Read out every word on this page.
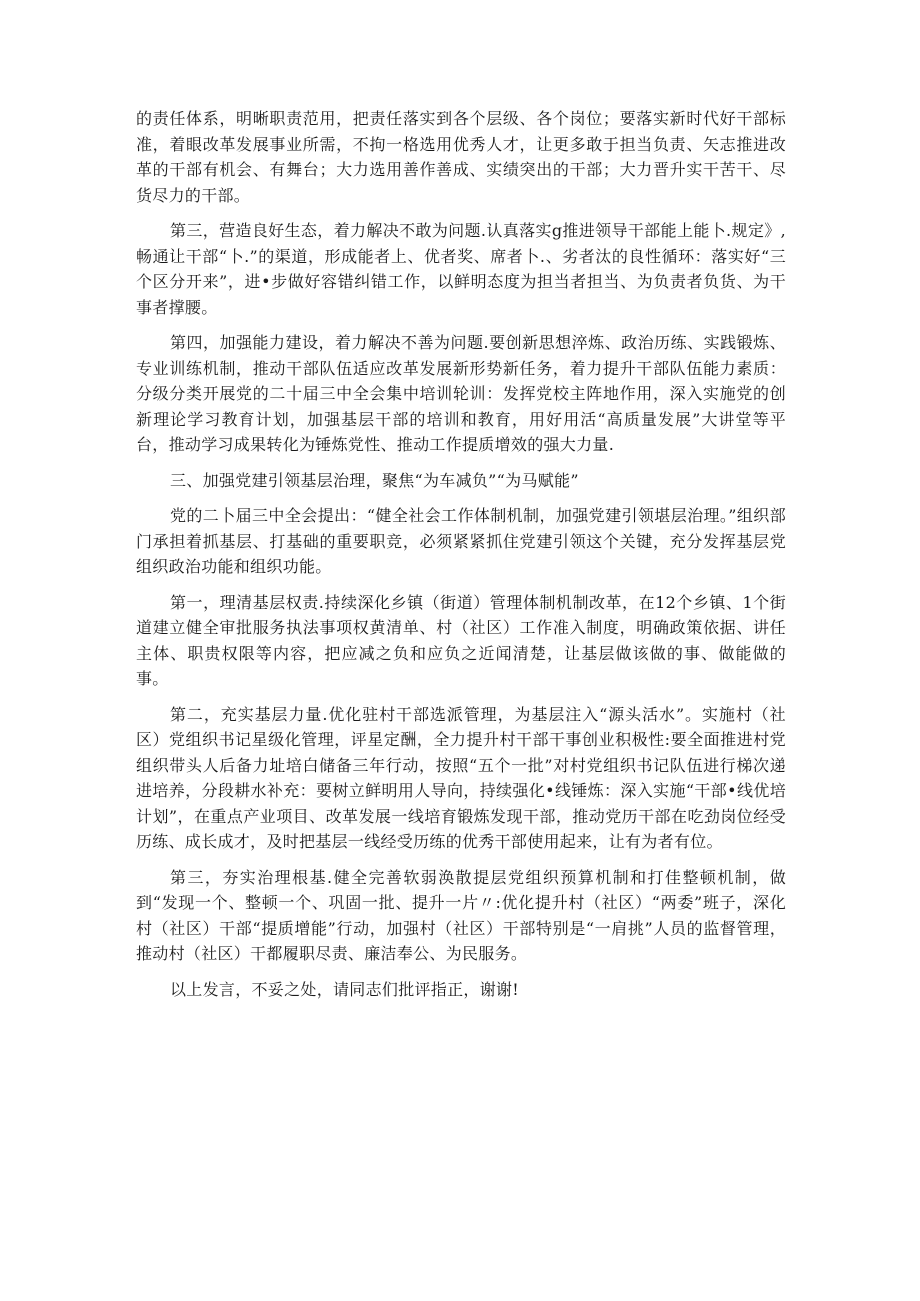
的责任体系，明晰职责范用，把责任落实到各个层级、各个岗位；要落实新时代好干部标准，着眼改革发展事业所需，不拘一格选用优秀人才，让更多敢于担当负责、矢志推进改革的干部有机会、有舞台；大力选用善作善成、实绩突出的干部；大力晋升实干苦干、尽货尽力的干部。

第三，营造良好生态，着力解决不敢为问题.认真落实g推进领导干部能上能卜.规定》,畅通让干部“卜.”的渠道，形成能者上、优者奖、席者卜.、劣者汰的良性循环：落实好“三个区分开来”，进•步做好容错纠错工作，以鲜明态度为担当者担当、为负责者负货、为干事者撑腰。

第四，加强能力建设，着力解决不善为问题.要创新思想淬炼、政治历练、实践锻炼、专业训练机制，推动干部队伍适应改革发展新形势新任务，着力提升干部队伍能力素质：分级分类开展党的二十届三中全会集中培训轮训：发挥党校主阵地作用，深入实施党的创新理论学习教育计划，加强基层干部的培训和教育，用好用活“高质量发展”大讲堂等平台，推动学习成果转化为锤炼党性、推动工作提质增效的强大力量.

三、加强党建引领基层治理，聚焦“为车减负”“为马赋能”

党的二卜届三中全会提出：“健全社会工作体制机制，加强党建引领堪层治理。”组织部门承担着抓基层、打基础的重要职竞，必须紧紧抓住党建引领这个关键，充分发挥基层党组织政治功能和组织功能。

第一，理清基层权责.持续深化乡镇（街道）管理体制机制改革，在12个乡镇、1个街道建立健全审批服务执法事项权黄清单、村（社区）工作准入制度，明确政策依据、讲任主体、职贵权限等内容，把应减之负和应负之近闻清楚，让基层做该做的事、做能做的事。

第二，充实基层力量.优化驻村干部选派管理，为基层注入“源头活水”。实施村（社区）党组织书记星级化管理，评星定酬，全力提升村干部干事创业积极性:要全面推进村党组织带头人后备力址培白储备三年行动，按照“五个一批”对村党组织书记队伍进行梯次递进培养，分段耕水补充：要树立鲜明用人导向，持续强化•线锤炼：深入实施“干部•线优培计划”，在重点产业项目、改革发展一线培育锻炼发现干部，推动党历干部在吃劲岗位经受历练、成长成才，及时把基层一线经受历练的优秀干部使用起来，让有为者有位。

第三，夯实治理根基.健全完善软弱涣散提层党组织预算机制和打佳整顿机制，做到“发现一个、整顿一个、巩固一批、提升一片〃:优化提升村（社区）“两委”班子，深化村（社区）干部“提质增能”行动，加强村（社区）干部特别是“一肩挑”人员的监督管理，推动村（社区）干都履职尽责、廉洁奉公、为民服务。

以上发言，不妥之处，请同志们批评指正，谢谢!
